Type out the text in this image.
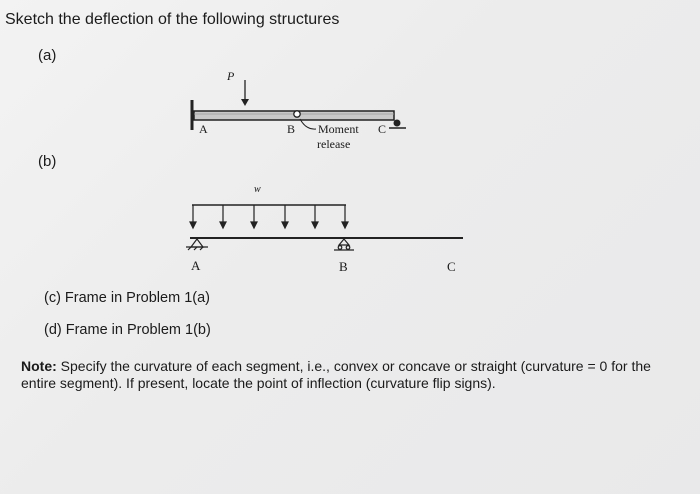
Sketch the deflection of the following structures
(a)
(b)
P
A	B	C
Moment
release
w
A	B	C
(c) Frame in Problem 1(a)
(d) Frame in Problem 1(b)
Note: Specify the curvature of each segment, i.e., convex or concave or straight (curvature = 0 for the entire segment). If present, locate the point of inflection (curvature flip signs).
